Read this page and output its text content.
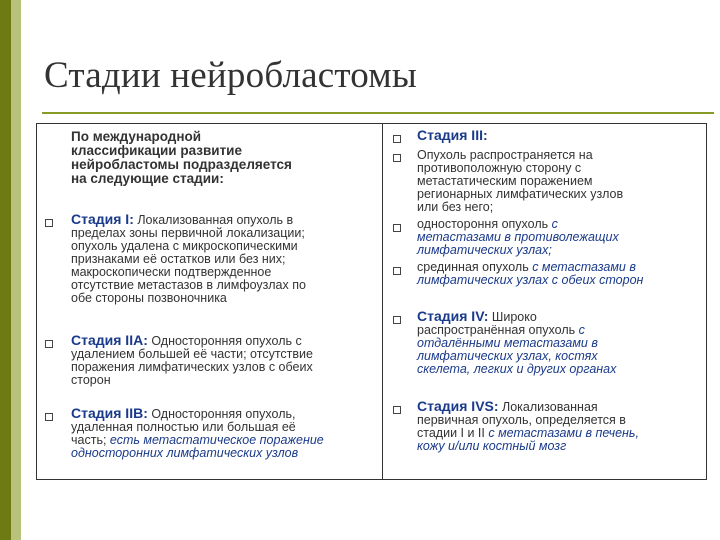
Стадии нейробластомы
По международной
классификации развитие
нейробластомы подразделяется
на следующие стадии:
Стадия I: Локализованная опухоль в
пределах зоны первичной локализации;
опухоль удалена с микроскопическими
признаками её остатков или без них;
макроскопически подтвержденное
отсутствие метастазов в лимфоузлах по
обе стороны позвоночника
Стадия IIA: Односторонняя опухоль с
удалением большей её части; отсутствие
поражения лимфатических узлов с обеих
сторон
Стадия IIB: Односторонняя опухоль,
удаленная полностью или большая её
часть; есть метастатическое поражение
односторонних лимфатических узлов
Стадия III:
Опухоль распространяется на
противоположную сторону с
метастатическим поражением
регионарных лимфатических узлов
или без него;
одностороння опухоль с
метастазами в противолежащих
лимфатических узлах;
срединная опухоль с метастазами в
лимфатических узлах с обеих сторон
Стадия IV: Широко
распространённая опухоль с
отдалёнными метастазами в
лимфатических узлах, костях
скелета, легких и других органах
Стадия IVS: Локализованная
первичная опухоль, определяется в
стадии I и II с метастазами в печень,
кожу и/или костный мозг
